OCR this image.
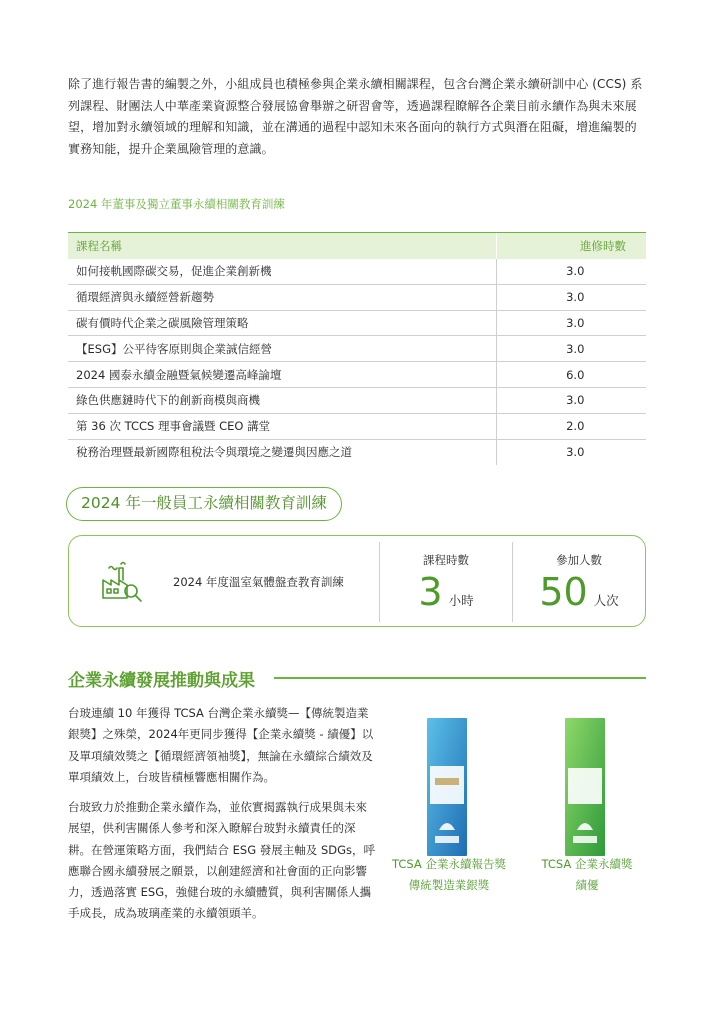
除了進行報告書的編製之外，小組成員也積極參與企業永續相關課程，包含台灣企業永續研訓中心 (CCS) 系列課程、財團法人中華產業資源整合發展協會舉辦之研習會等，透過課程瞭解各企業目前永續作為與未來展望，增加對永續領域的理解和知識，並在溝通的過程中認知未來各面向的執行方式與潛在阻礙，增進編製的實務知能，提升企業風險管理的意識。

2024 年董事及獨立董事永續相關教育訓練
課程名稱	進修時數
如何接軌國際碳交易，促進企業創新機	3.0
循環經濟與永續經營新趨勢	3.0
碳有價時代企業之碳風險管理策略	3.0
【ESG】公平待客原則與企業誠信經營	3.0
2024 國泰永續金融暨氣候變遷高峰論壇	6.0
綠色供應鏈時代下的創新商模與商機	3.0
第 36 次 TCCS 理事會議暨 CEO 講堂	2.0
稅務治理暨最新國際租稅法令與環境之變遷與因應之道	3.0
2024 年一般員工永續相關教育訓練
2024 年度溫室氣體盤查教育訓練
課程時數
3 小時
參加人數
50 人次
企業永續發展推動與成果

台玻連續 10 年獲得 TCSA 台灣企業永續獎—【傳統製造業 銀獎】之殊榮，2024年更同步獲得【企業永續獎 - 績優】以及單項績效獎之【循環經濟領袖獎】，無論在永續綜合績效及單項績效上，台玻皆積極響應相關作為。

台玻致力於推動企業永續作為，並依實揭露執行成果與未來展望，供利害關係人參考和深入瞭解台玻對永續責任的深耕。在營運策略方面，我們結合 ESG 發展主軸及 SDGs，呼應聯合國永續發展之願景，以創建經濟和社會面的正向影響力，透過落實 ESG，強健台玻的永續體質，與利害關係人攜手成長，成為玻璃產業的永續領頭羊。

TCSA 企業永續報告獎
傳統製造業銀獎
TCSA 企業永續獎
績優
